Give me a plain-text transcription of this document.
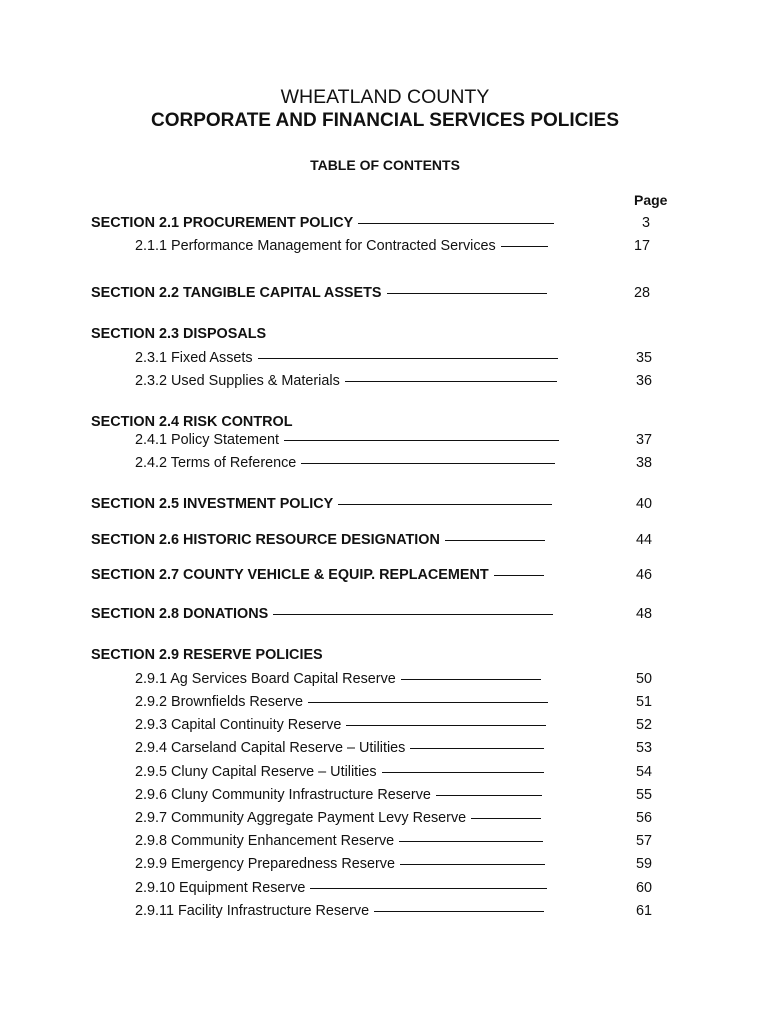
WHEATLAND COUNTY
CORPORATE AND FINANCIAL SERVICES POLICIES
TABLE OF CONTENTS
Page
SECTION 2.1 PROCUREMENT POLICY	3
2.1.1 Performance Management for Contracted Services	17
SECTION 2.2 TANGIBLE CAPITAL ASSETS	28
SECTION 2.3 DISPOSALS
2.3.1 Fixed Assets	35
2.3.2 Used Supplies & Materials	36
SECTION 2.4 RISK CONTROL
2.4.1 Policy Statement	37
2.4.2 Terms of Reference	38
SECTION 2.5 INVESTMENT POLICY	40
SECTION 2.6 HISTORIC RESOURCE DESIGNATION	44
SECTION 2.7 COUNTY VEHICLE & EQUIP. REPLACEMENT	46
SECTION 2.8 DONATIONS	48
SECTION 2.9 RESERVE POLICIES
2.9.1 Ag Services Board Capital Reserve	50
2.9.2 Brownfields Reserve	51
2.9.3 Capital Continuity Reserve	52
2.9.4 Carseland Capital Reserve – Utilities	53
2.9.5 Cluny Capital Reserve – Utilities	54
2.9.6 Cluny Community Infrastructure Reserve	55
2.9.7 Community Aggregate Payment Levy Reserve	56
2.9.8 Community Enhancement Reserve	57
2.9.9 Emergency Preparedness Reserve	59
2.9.10 Equipment Reserve	60
2.9.11 Facility Infrastructure Reserve	61
